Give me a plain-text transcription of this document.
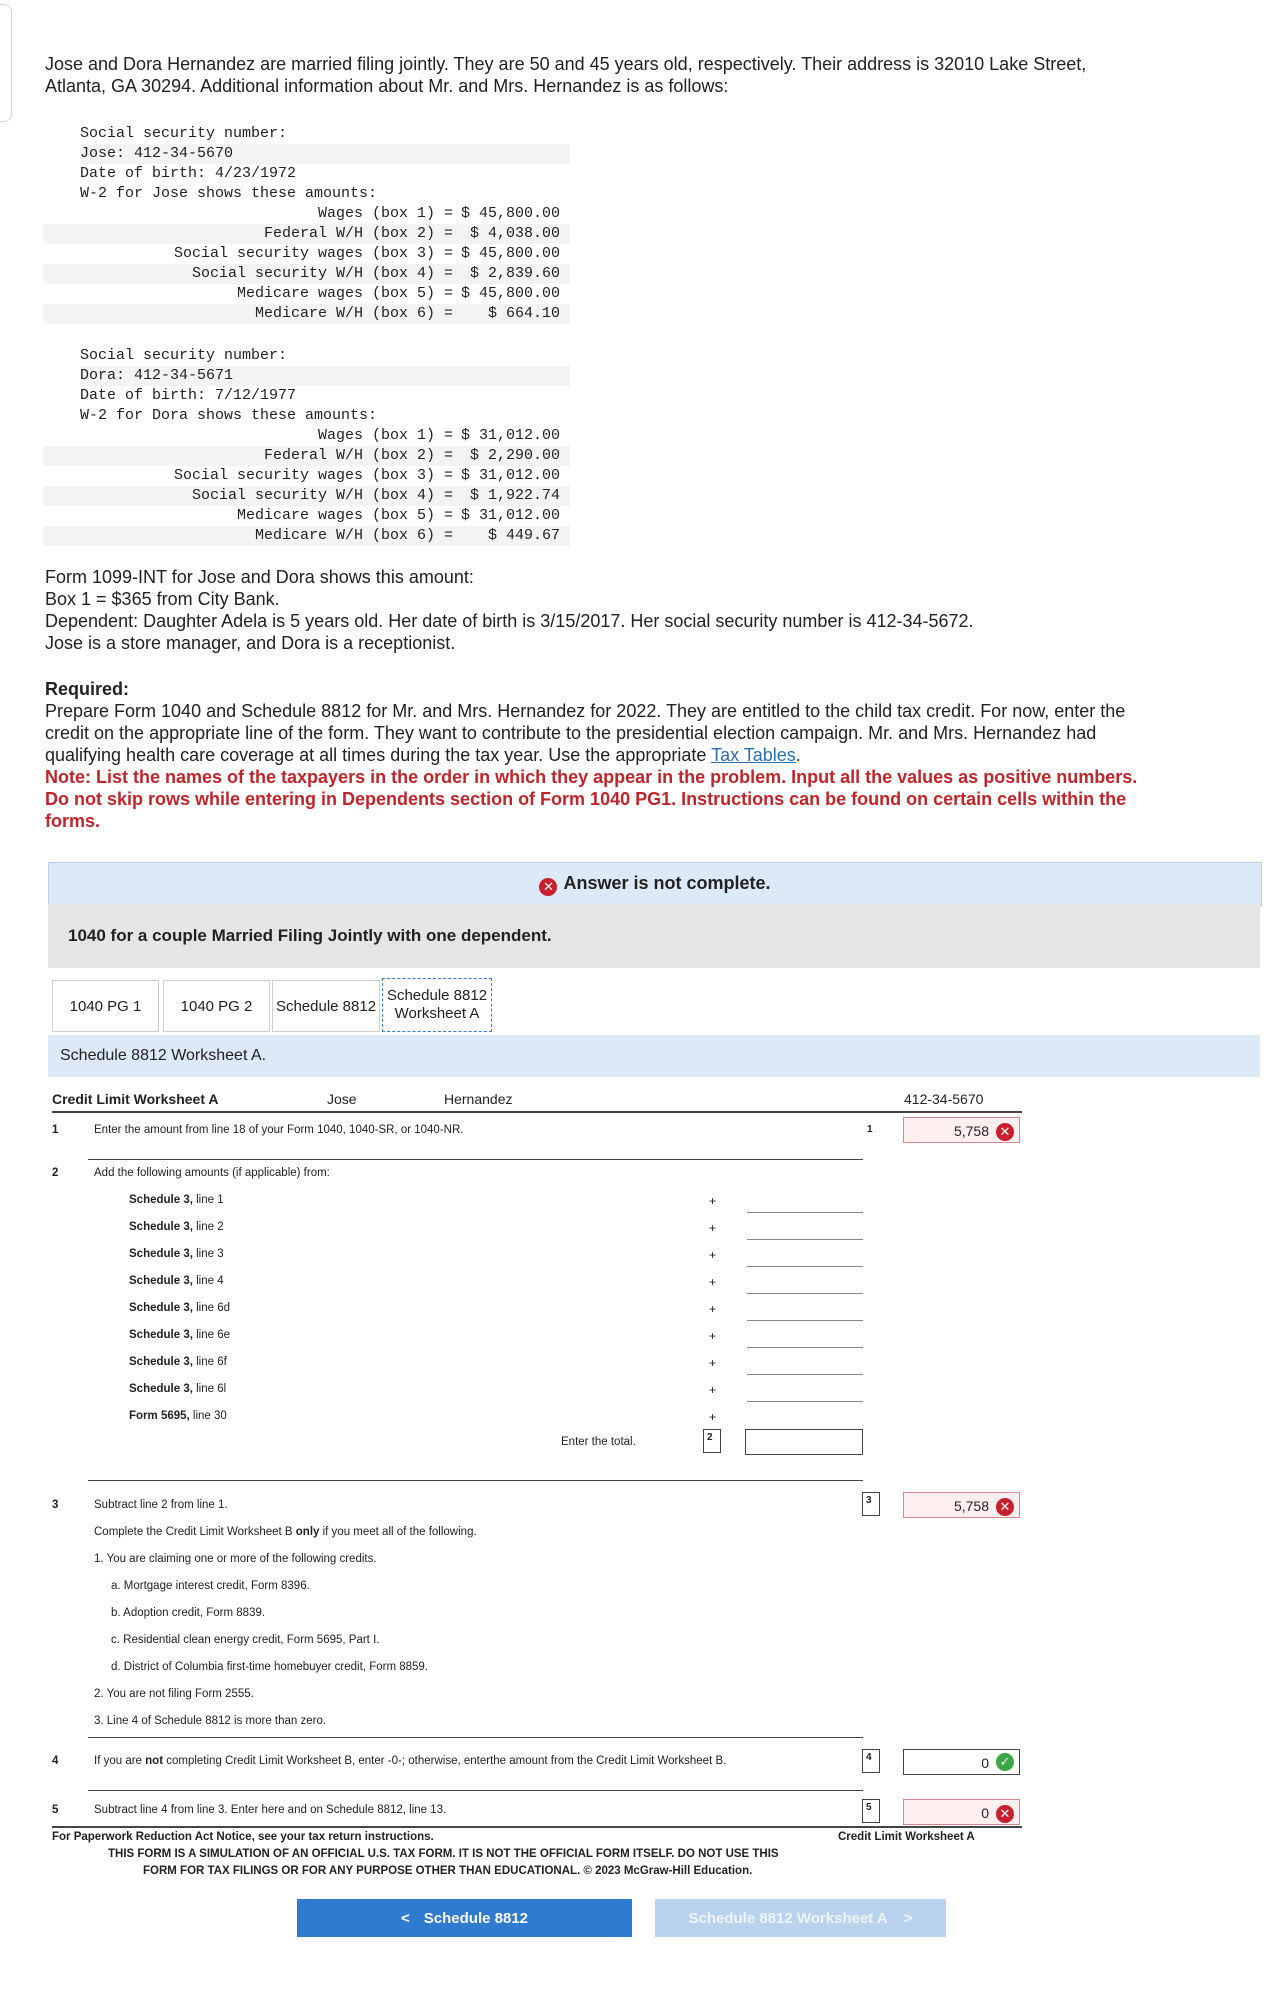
Jose and Dora Hernandez are married filing jointly. They are 50 and 45 years old, respectively. Their address is 32010 Lake Street, Atlanta, GA 30294. Additional information about Mr. and Mrs. Hernandez is as follows:
Social security number:
Jose: 412-34-5670
Date of birth: 4/23/1972
W-2 for Jose shows these amounts:
Wages (box 1) = $ 45,800.00
Federal W/H (box 2) = $ 4,038.00
Social security wages (box 3) = $ 45,800.00
Social security W/H (box 4) = $ 2,839.60
Medicare wages (box 5) = $ 45,800.00
Medicare W/H (box 6) = $ 664.10
Social security number:
Dora: 412-34-5671
Date of birth: 7/12/1977
W-2 for Dora shows these amounts:
Wages (box 1) = $ 31,012.00
Federal W/H (box 2) = $ 2,290.00
Social security wages (box 3) = $ 31,012.00
Social security W/H (box 4) = $ 1,922.74
Medicare wages (box 5) = $ 31,012.00
Medicare W/H (box 6) = $ 449.67
Form 1099-INT for Jose and Dora shows this amount:
Box 1 = $365 from City Bank.
Dependent: Daughter Adela is 5 years old. Her date of birth is 3/15/2017. Her social security number is 412-34-5672.
Jose is a store manager, and Dora is a receptionist.
Required:
Prepare Form 1040 and Schedule 8812 for Mr. and Mrs. Hernandez for 2022. They are entitled to the child tax credit. For now, enter the credit on the appropriate line of the form. They want to contribute to the presidential election campaign. Mr. and Mrs. Hernandez had qualifying health care coverage at all times during the tax year. Use the appropriate Tax Tables.
Note: List the names of the taxpayers in the order in which they appear in the problem. Input all the values as positive numbers. Do not skip rows while entering in Dependents section of Form 1040 PG1. Instructions can be found on certain cells within the forms.
✕ Answer is not complete.
1040 for a couple Married Filing Jointly with one dependent.
1040 PG 1	1040 PG 2	Schedule 8812
Schedule 8812 Worksheet A
Schedule 8812 Worksheet A.
Credit Limit Worksheet A	Jose	Hernandez	412-34-5670
1	Enter the amount from line 18 of your Form 1040, 1040-SR, or 1040-NR.	1	5,758 ✕
2	Add the following amounts (if applicable) from:
Schedule 3, line 1	+
Schedule 3, line 2	+
Schedule 3, line 3	+
Schedule 3, line 4	+
Schedule 3, line 6d	+
Schedule 3, line 6e	+
Schedule 3, line 6f	+
Schedule 3, line 6l	+
Form 5695, line 30	+
Enter the total.	2
3	Subtract line 2 from line 1.	3	5,758 ✕
Complete the Credit Limit Worksheet B only if you meet all of the following.
1. You are claiming one or more of the following credits.
a. Mortgage interest credit, Form 8396.
b. Adoption credit, Form 8839.
c. Residential clean energy credit, Form 5695, Part I.
d. District of Columbia first-time homebuyer credit, Form 8859.
2. You are not filing Form 2555.
3. Line 4 of Schedule 8812 is more than zero.
4	If you are not completing Credit Limit Worksheet B, enter -0-; otherwise, enterthe amount from the Credit Limit Worksheet B.	4	0 ✓
5	Subtract line 4 from line 3. Enter here and on Schedule 8812, line 13.	5	0 ✕
For Paperwork Reduction Act Notice, see your tax return instructions.	Credit Limit Worksheet A
THIS FORM IS A SIMULATION OF AN OFFICIAL U.S. TAX FORM. IT IS NOT THE OFFICIAL FORM ITSELF. DO NOT USE THIS
FORM FOR TAX FILINGS OR FOR ANY PURPOSE OTHER THAN EDUCATIONAL. © 2023 McGraw-Hill Education.
< Schedule 8812	Schedule 8812 Worksheet A >
